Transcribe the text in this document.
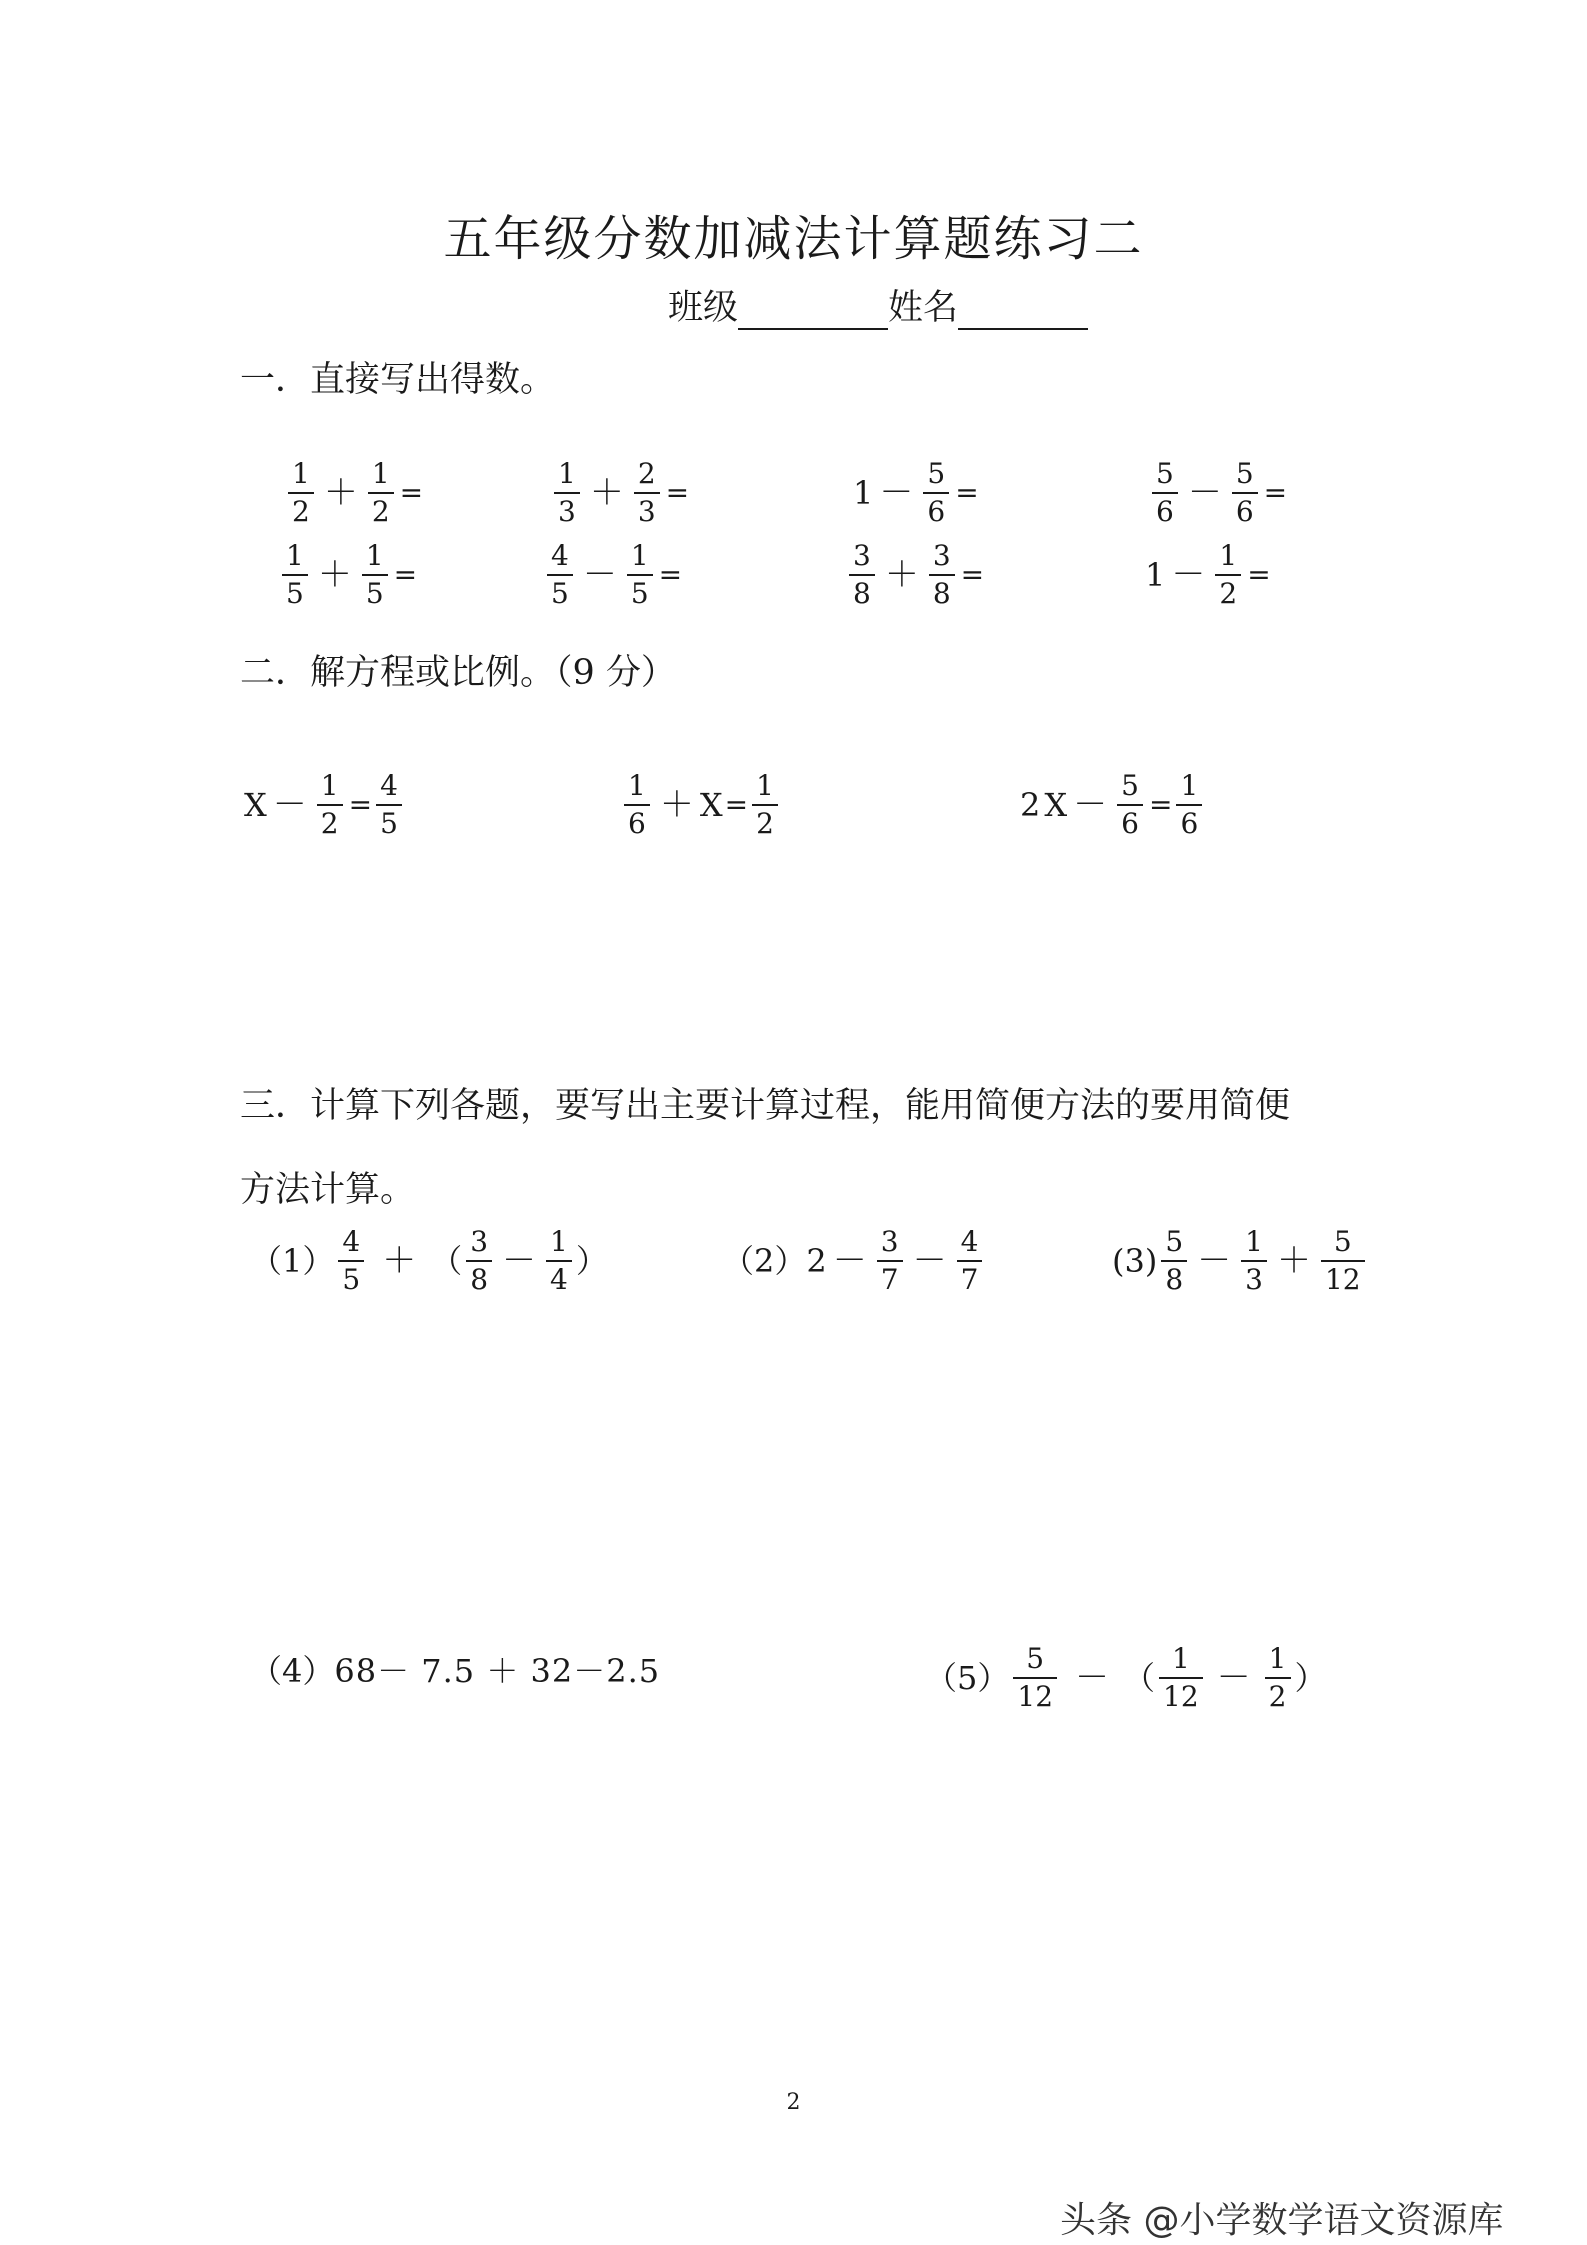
五年级分数加减法计算题练习二
班级	姓名
一．直接写出得数。
$\frac{1}{2} + \frac{1}{2}$ =	$\frac{1}{3} + \frac{2}{3}$ =	$1 - \frac{5}{6}$ =	$\frac{5}{6} - \frac{5}{6}$ =
$\frac{1}{5} + \frac{1}{5}$ =	$\frac{4}{5} - \frac{1}{5}$ =	$\frac{3}{8} + \frac{3}{8}$ =	$1 - \frac{1}{2}$ =
二．解方程或比例。（9 分）
$X - \frac{1}{2} = \frac{4}{5}$	$\frac{1}{6} + X = \frac{1}{2}$	2 $X - \frac{5}{6} = \frac{1}{6}$
三．计算下列各题，要写出主要计算过程，能用简便方法的要用简便
方法计算。
$(1) \frac{4}{5}$ ＋ （ $\frac{3}{8} - \frac{1}{4}$ ）	（2） $2 - \frac{3}{7} - \frac{4}{7}$	$(3) \frac{5}{8} - \frac{1}{3} + \frac{5}{12}$
（4） 68－ 7.5 ＋ 32－2.5	$(5) \frac{5}{12}$ － （ $\frac{1}{12} - \frac{1}{2}$ ）
2
头条 @小学数学语文资源库
